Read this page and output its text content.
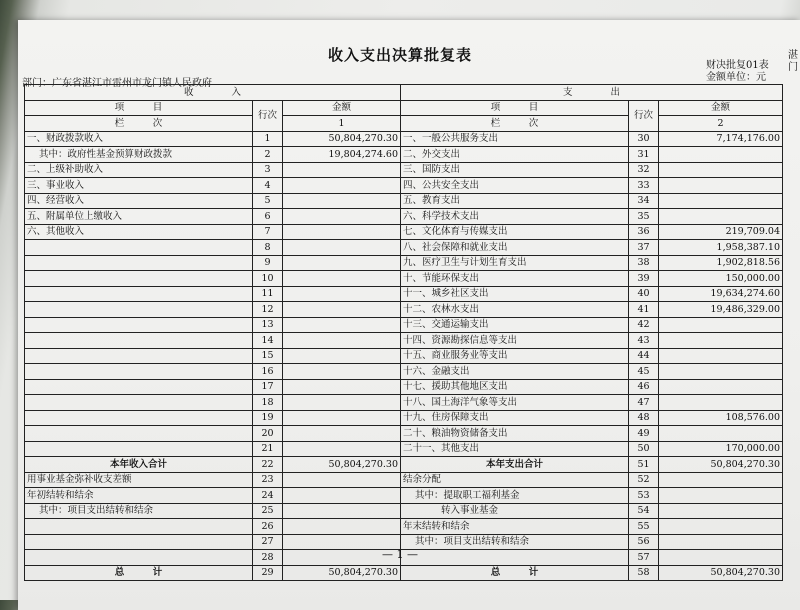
湛门
收入支出决算批复表
财决批复01表
金额单位：元
部门：广东省湛江市雷州市龙门镇人民政府
收　　　　入			支　　　　出		
项　　　目	行次	金额	项　　　目	行次	金额
栏　　　次		1	栏　　　次		2
一、财政拨款收入	1	50,804,270.30	一、一般公共服务支出	30	7,174,176.00
其中：政府性基金预算财政拨款	2	19,804,274.60	二、外交支出	31	
二、上级补助收入	3		三、国防支出	32	
三、事业收入	4		四、公共安全支出	33	
四、经营收入	5		五、教育支出	34	
五、附属单位上缴收入	6		六、科学技术支出	35	
六、其他收入	7		七、文化体育与传媒支出	36	219,709.04
	8		八、社会保障和就业支出	37	1,958,387.10
	9		九、医疗卫生与计划生育支出	38	1,902,818.56
	10		十、节能环保支出	39	150,000.00
	11		十一、城乡社区支出	40	19,634,274.60
	12		十二、农林水支出	41	19,486,329.00
	13		十三、交通运输支出	42	
	14		十四、资源勘探信息等支出	43	
	15		十五、商业服务业等支出	44	
	16		十六、金融支出	45	
	17		十七、援助其他地区支出	46	
	18		十八、国土海洋气象等支出	47	
	19		十九、住房保障支出	48	108,576.00
	20		二十、粮油物资储备支出	49	
	21		二十一、其他支出	50	170,000.00
本年收入合计	22	50,804,270.30	本年支出合计	51	50,804,270.30
用事业基金弥补收支差额	23		结余分配	52	
年初结转和结余	24		其中：提取职工福利基金	53	
其中：项目支出结转和结余	25		转入事业基金	54	
	26		年末结转和结余	55	
	27		其中：项目支出结转和结余	56	
	28			57	
总　　　计	29	50,804,270.30	总　　　计	58	50,804,270.30
— 1 —
